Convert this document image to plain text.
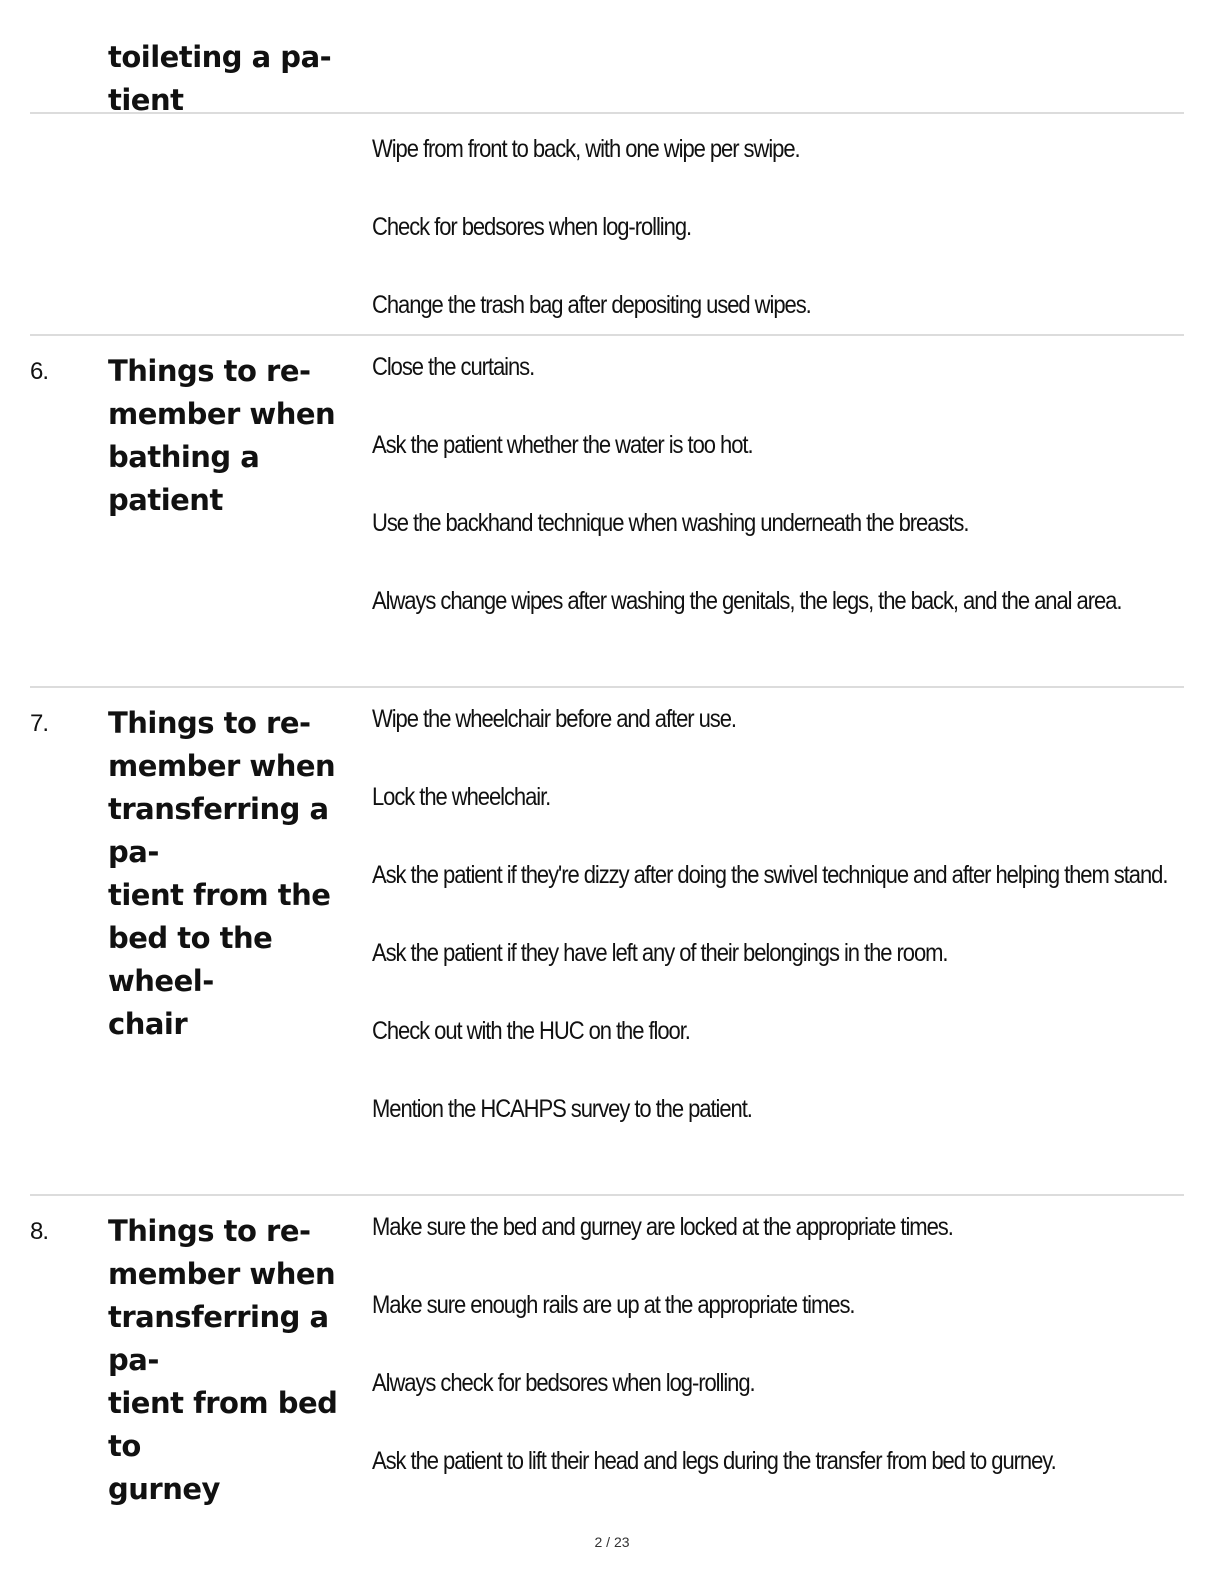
toileting a pa-
tient
Wipe from front to back, with one wipe per swipe.
Check for bedsores when log-rolling.
Change the trash bag after depositing used wipes.
6.	Things to re-
member when
bathing a patient
Close the curtains.
Ask the patient whether the water is too hot.
Use the backhand technique when washing underneath the breasts.
Always change wipes after washing the genitals, the legs, the back, and the anal area.
7.	Things to re-
member when
transferring a pa-
tient from the
bed to the wheel-
chair
Wipe the wheelchair before and after use.
Lock the wheelchair.
Ask the patient if they're dizzy after doing the swivel technique and after helping them stand.
Ask the patient if they have left any of their belongings in the room.
Check out with the HUC on the floor.
Mention the HCAHPS survey to the patient.
8.	Things to re-
member when
transferring a pa-
tient from bed to
gurney
Make sure the bed and gurney are locked at the appropriate times.
Make sure enough rails are up at the appropriate times.
Always check for bedsores when log-rolling.
Ask the patient to lift their head and legs during the transfer from bed to gurney.
2 / 23
